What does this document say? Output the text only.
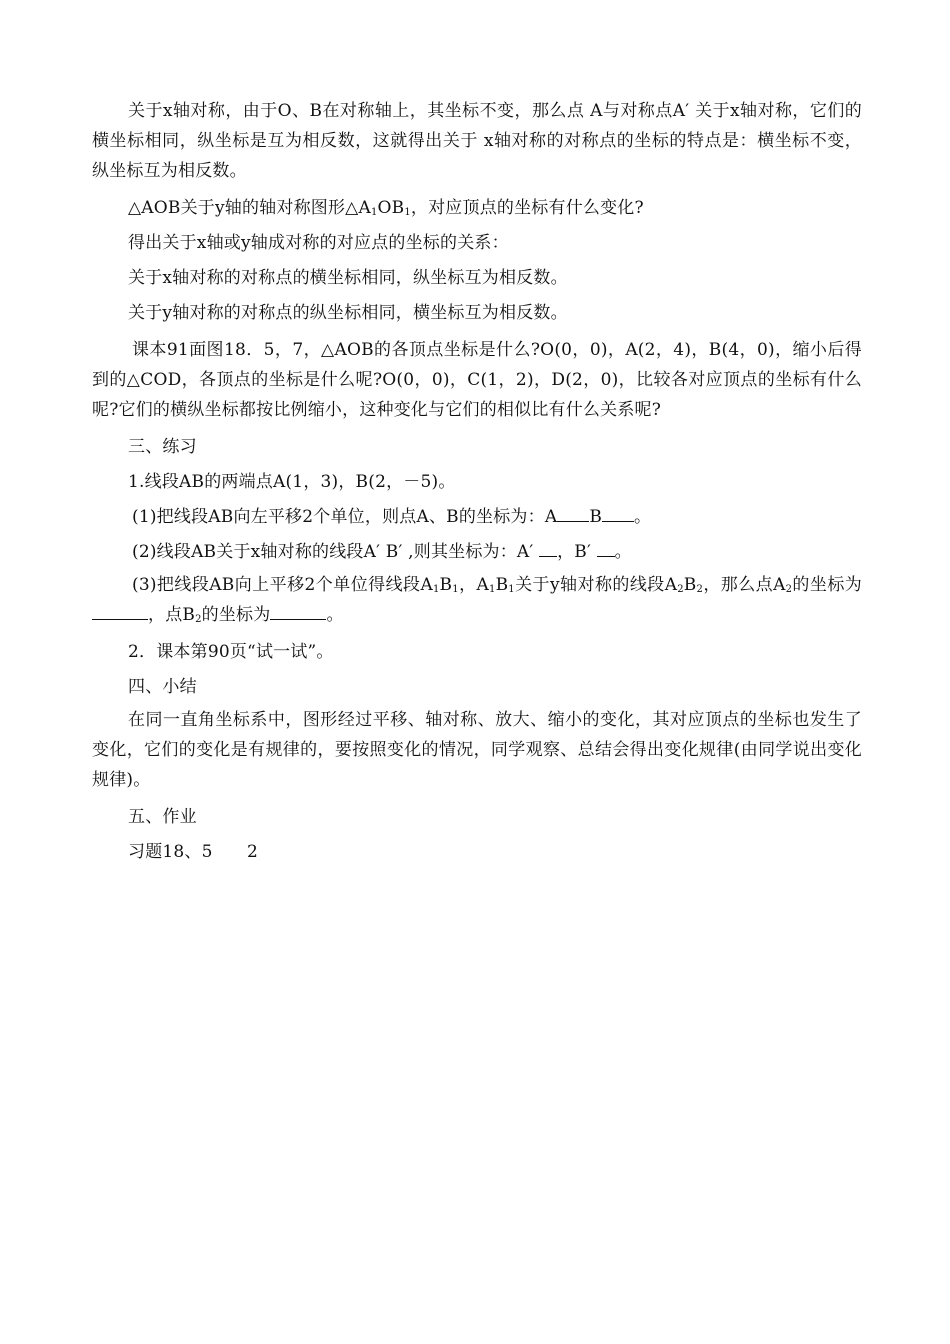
关于x轴对称，由于O、B在对称轴上，其坐标不变，那么点 A与对称点A′ 关于x轴对称，它们的横坐标相同，纵坐标是互为相反数，这就得出关于 x轴对称的对称点的坐标的特点是：横坐标不变，纵坐标互为相反数。

△AOB关于y轴的轴对称图形$\triangle A_1OB_1$，对应顶点的坐标有什么变化?

得出关于x轴或y轴成对称的对应点的坐标的关系：

关于x轴对称的对称点的横坐标相同，纵坐标互为相反数。

关于y轴对称的对称点的纵坐标相同，横坐标互为相反数。

课本91面图18．5，7，△AOB的各顶点坐标是什么?O(0，0)，A(2，4)，B(4，0)，缩小后得到的△COD，各顶点的坐标是什么呢?O(0，0)，C(1，2)，D(2，0)，比较各对应顶点的坐标有什么呢?它们的横纵坐标都按比例缩小，这种变化与它们的相似比有什么关系呢?

三、练习

1.线段AB的两端点A(1，3)，B(2，－5)。

(1)把线段AB向左平移2个单位，则点A、B的坐标为：A B 。

(2)线段AB关于x轴对称的线段A′ B′ ,则其坐标为：A′ ，B′ 。

(3)把线段AB向上平移2个单位得线段$A_1B_1$，$A_1B_1$关于y轴对称的线段$A_2B_2$，那么点$A_2$的坐标为，点$B_2$的坐标为	。

2．课本第90页“试一试”。

四、小结

在同一直角坐标系中，图形经过平移、轴对称、放大、缩小的变化，其对应顶点的坐标也发生了变化，它们的变化是有规律的，要按照变化的情况，同学观察、总结会得出变化规律(由同学说出变化规律)。

五、作业

习题18、5　　2
